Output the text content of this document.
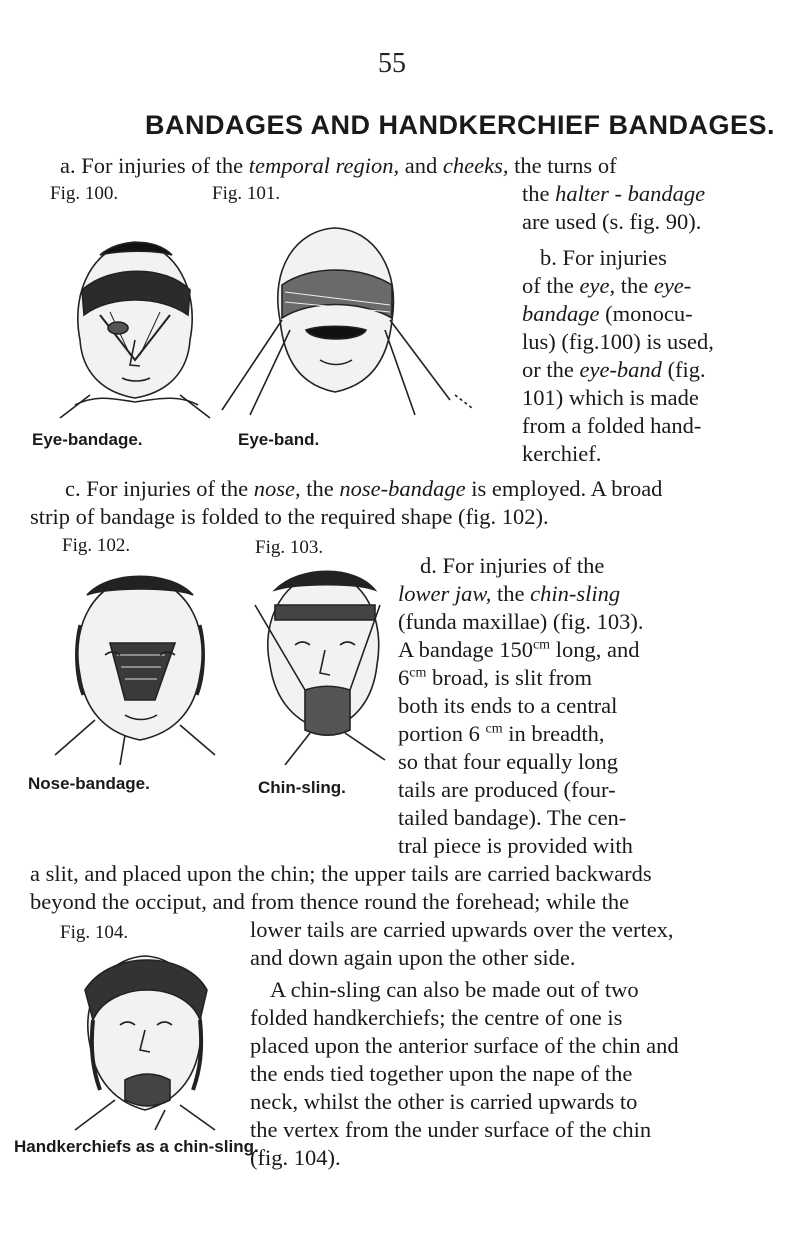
55
BANDAGES AND HANDKERCHIEF BANDAGES.
a. For injuries of the temporal region, and cheeks, the turns of
the halter - bandage
are used (s. fig. 90).
Fig. 100.
Eye-bandage.
Fig. 101.
Eye-band.
b. For injuries
of the eye, the eye-
bandage (monocu-
lus) (fig.100) is used,
or the eye-band (fig.
101) which is made
from a folded hand-
kerchief.
c. For injuries of the nose, the nose-bandage is employed. A broad
strip of bandage is folded to the required shape (fig. 102).
Fig. 102.
Nose-bandage.
Fig. 103.
Chin-sling.
d. For injuries of the
lower jaw, the chin-sling
(funda maxillae) (fig. 103).
A bandage $150^{cm}$ long, and
$6^{cm}$ broad, is slit from
both its ends to a central
portion 6 $^{cm}$ in breadth,
so that four equally long
tails are produced (four-
tailed bandage). The cen-
tral piece is provided with
a slit, and placed upon the chin; the upper tails are carried backwards
beyond the occiput, and from thence round the forehead; while the
lower tails are carried upwards over the vertex,
and down again upon the other side.
Fig. 104.
Handkerchiefs as a chin-sling.
A chin-sling can also be made out of two
folded handkerchiefs; the centre of one is
placed upon the anterior surface of the chin and
the ends tied together upon the nape of the
neck, whilst the other is carried upwards to
the vertex from the under surface of the chin
(fig. 104).
